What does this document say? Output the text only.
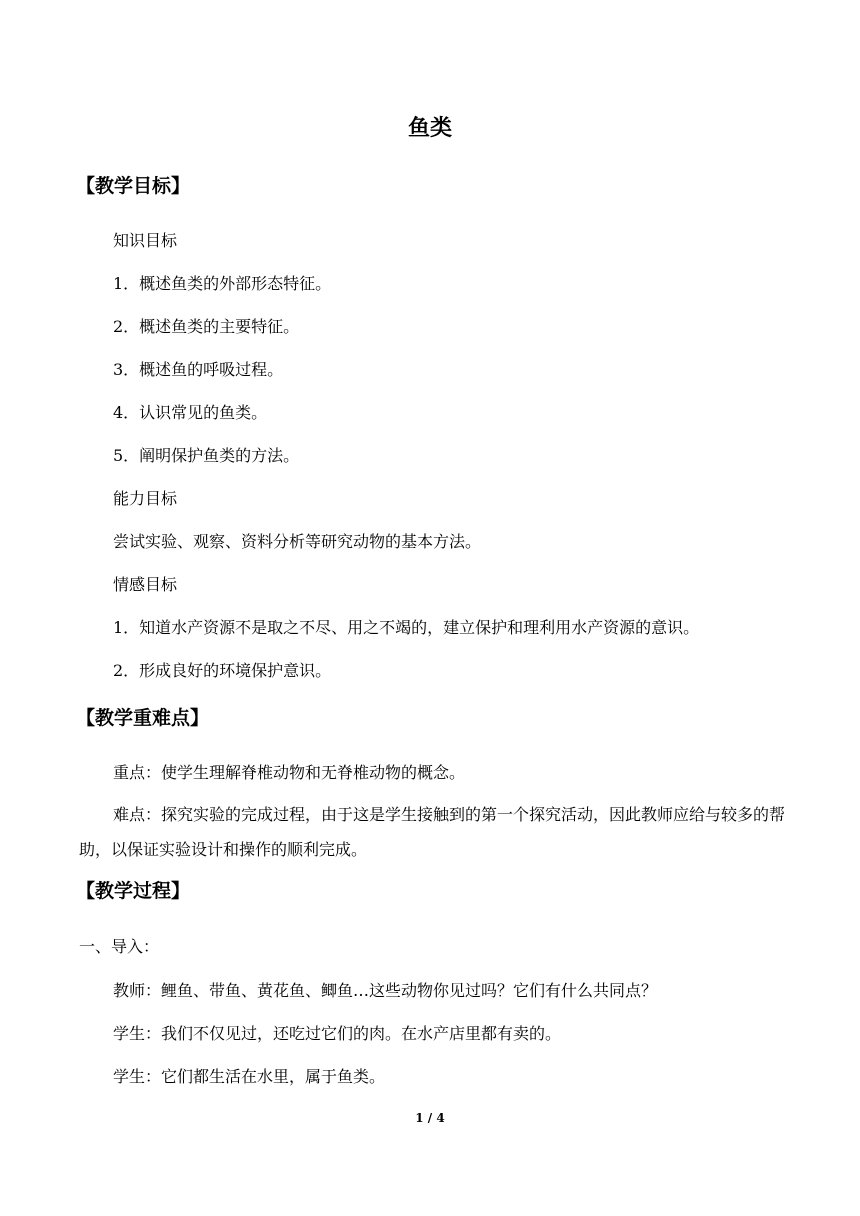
鱼类
【教学目标】
知识目标
1．概述鱼类的外部形态特征。
2．概述鱼类的主要特征。
3．概述鱼的呼吸过程。
4．认识常见的鱼类。
5．阐明保护鱼类的方法。
能力目标
尝试实验、观察、资料分析等研究动物的基本方法。
情感目标
1．知道水产资源不是取之不尽、用之不竭的，建立保护和理利用水产资源的意识。
2．形成良好的环境保护意识。
【教学重难点】
重点：使学生理解脊椎动物和无脊椎动物的概念。
难点：探究实验的完成过程，由于这是学生接触到的第一个探究活动，因此教师应给与较多的帮助，以保证实验设计和操作的顺利完成。
【教学过程】
一、导入：
教师：鲤鱼、带鱼、黄花鱼、鲫鱼…这些动物你见过吗？它们有什么共同点？
学生：我们不仅见过，还吃过它们的肉。在水产店里都有卖的。
学生：它们都生活在水里，属于鱼类。
1 / 4
